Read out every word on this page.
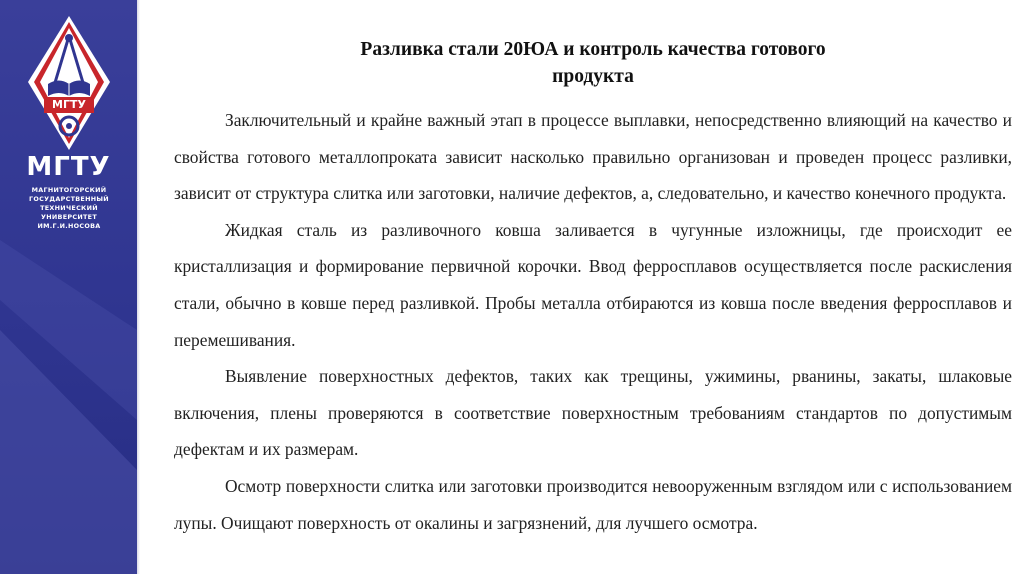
МГТУ
МГТУ
МАГНИТОГОРСКИЙ
ГОСУДАРСТВЕННЫЙ
ТЕХНИЧЕСКИЙ
УНИВЕРСИТЕТ
ИМ.Г.И.НОСОВА
Разливка стали 20ЮА и контроль качества готового
продукта

Заключительный и крайне важный этап в процессе выплавки, непосредственно влияющий на качество и свойства готового металлопроката зависит насколько правильно организован и проведен процесс разливки, зависит от структура слитка или заготовки, наличие дефектов, а, следовательно, и качество конечного продукта.

Жидкая сталь из разливочного ковша заливается в чугунные изложницы, где происходит ее кристаллизация и формирование первичной корочки. Ввод ферросплавов осуществляется после раскисления стали, обычно в ковше перед разливкой. Пробы металла отбираются из ковша после введения ферросплавов и перемешивания.

Выявление поверхностных дефектов, таких как трещины, ужимины, рванины, закаты, шлаковые включения, плены проверяются в соответствие поверхностным требованиям стандартов по допустимым дефектам и их размерам.

Осмотр поверхности слитка или заготовки производится невооруженным взглядом или с использованием лупы. Очищают поверхность от окалины и загрязнений, для лучшего осмотра.
